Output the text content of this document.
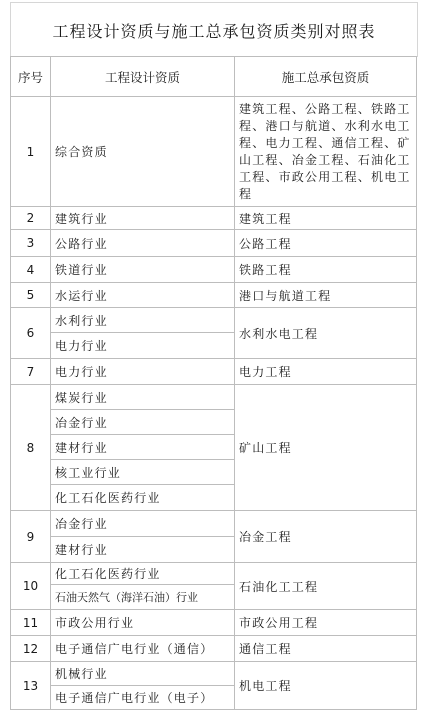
工程设计资质与施工总承包资质类别对照表
序号	工程设计资质	施工总承包资质
1	综合资质	建筑工程、公路工程、铁路工程、港口与航道、水利水电工程、电力工程、通信工程、矿山工程、冶金工程、石油化工工程、市政公用工程、机电工程
2	建筑行业	建筑工程
3	公路行业	公路工程
4	铁道行业	铁路工程
5	水运行业	港口与航道工程
6	水利行业	水利水电工程
	电力行业	
7	电力行业	电力工程
8	煤炭行业	矿山工程
	冶金行业	
	建材行业	
	核工业行业	
	化工石化医药行业	
9	冶金行业	冶金工程
	建材行业	
10	化工石化医药行业	石油化工工程
	石油天然气（海洋石油）行业	
11	市政公用行业	市政公用工程
12	电子通信广电行业（通信）	通信工程
13	机械行业	机电工程
	电子通信广电行业（电子）	
